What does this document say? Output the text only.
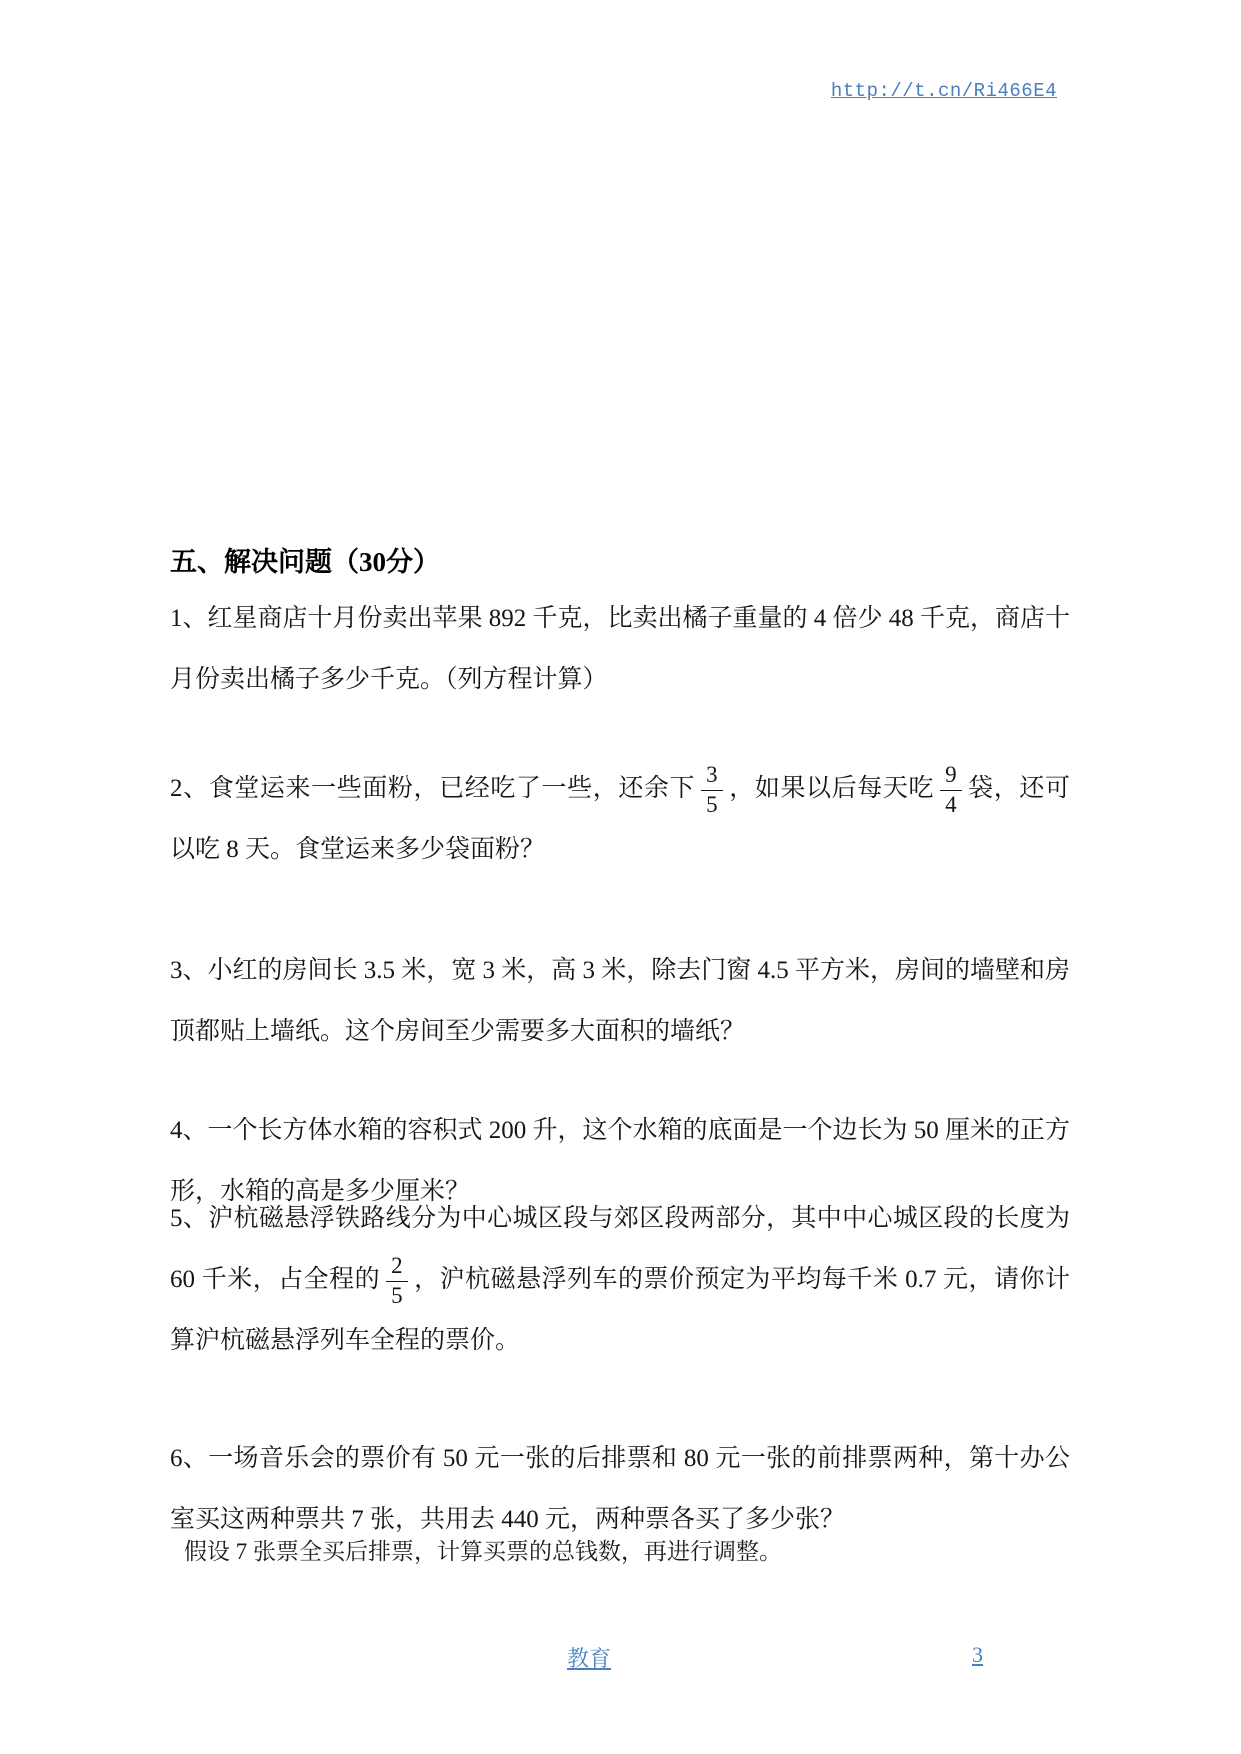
http://t.cn/Ri466E4
五、解决问题（30分）
1、红星商店十月份卖出苹果 892 千克，比卖出橘子重量的 4 倍少 48 千克，商店十月份卖出橘子多少千克。（列方程计算）
2、食堂运来一些面粉，已经吃了一些，还余下 $\frac{3}{5}$ ，如果以后每天吃 $\frac{9}{4}$ 袋，还可以吃 8 天。食堂运来多少袋面粉？
3、小红的房间长 3.5 米，宽 3 米，高 3 米，除去门窗 4.5 平方米，房间的墙壁和房顶都贴上墙纸。这个房间至少需要多大面积的墙纸？
4、一个长方体水箱的容积式 200 升，这个水箱的底面是一个边长为 50 厘米的正方形，水箱的高是多少厘米？
5、沪杭磁悬浮铁路线分为中心城区段与郊区段两部分，其中中心城区段的长度为 60 千米，占全程的 $\frac{2}{5}$ ，沪杭磁悬浮列车的票价预定为平均每千米 0.7 元，请你计算沪杭磁悬浮列车全程的票价。
6、一场音乐会的票价有 50 元一张的后排票和 80 元一张的前排票两种，第十办公室买这两种票共 7 张，共用去 440 元，两种票各买了多少张？
假设 7 张票全买后排票，计算买票的总钱数，再进行调整。
教育	3
